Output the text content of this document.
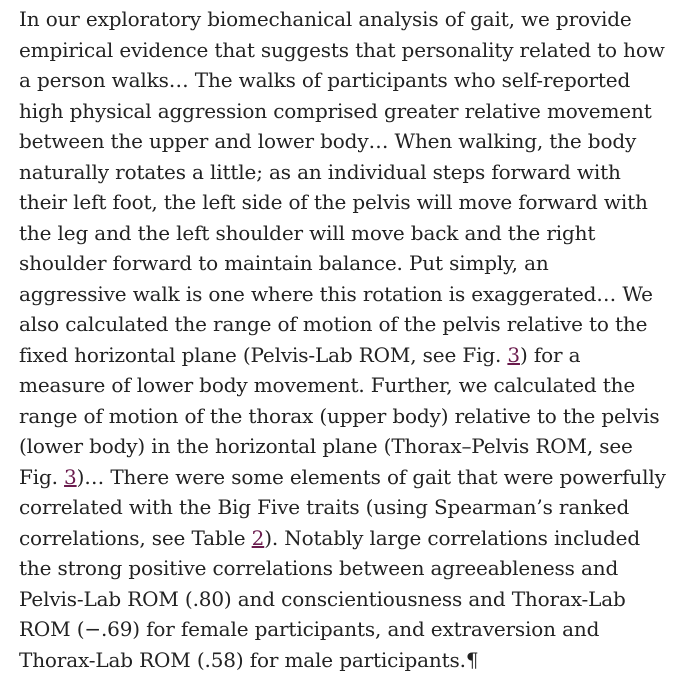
In our exploratory biomechanical analysis of gait, we provide
empirical evidence that suggests that personality related to how
a person walks… The walks of participants who self-reported
high physical aggression comprised greater relative movement
between the upper and lower body… When walking, the body
naturally rotates a little; as an individual steps forward with
their left foot, the left side of the pelvis will move forward with
the leg and the left shoulder will move back and the right
shoulder forward to maintain balance. Put simply, an
aggressive walk is one where this rotation is exaggerated… We
also calculated the range of motion of the pelvis relative to the
fixed horizontal plane (Pelvis-Lab ROM, see Fig. 3) for a
measure of lower body movement. Further, we calculated the
range of motion of the thorax (upper body) relative to the pelvis
(lower body) in the horizontal plane (Thorax–Pelvis ROM, see
Fig. 3)… There were some elements of gait that were powerfully
correlated with the Big Five traits (using Spearman’s ranked
correlations, see Table 2). Notably large correlations included
the strong positive correlations between agreeableness and
Pelvis-Lab ROM (.80) and conscientiousness and Thorax-Lab
ROM (−.69) for female participants, and extraversion and
Thorax-Lab ROM (.58) for male participants.¶
